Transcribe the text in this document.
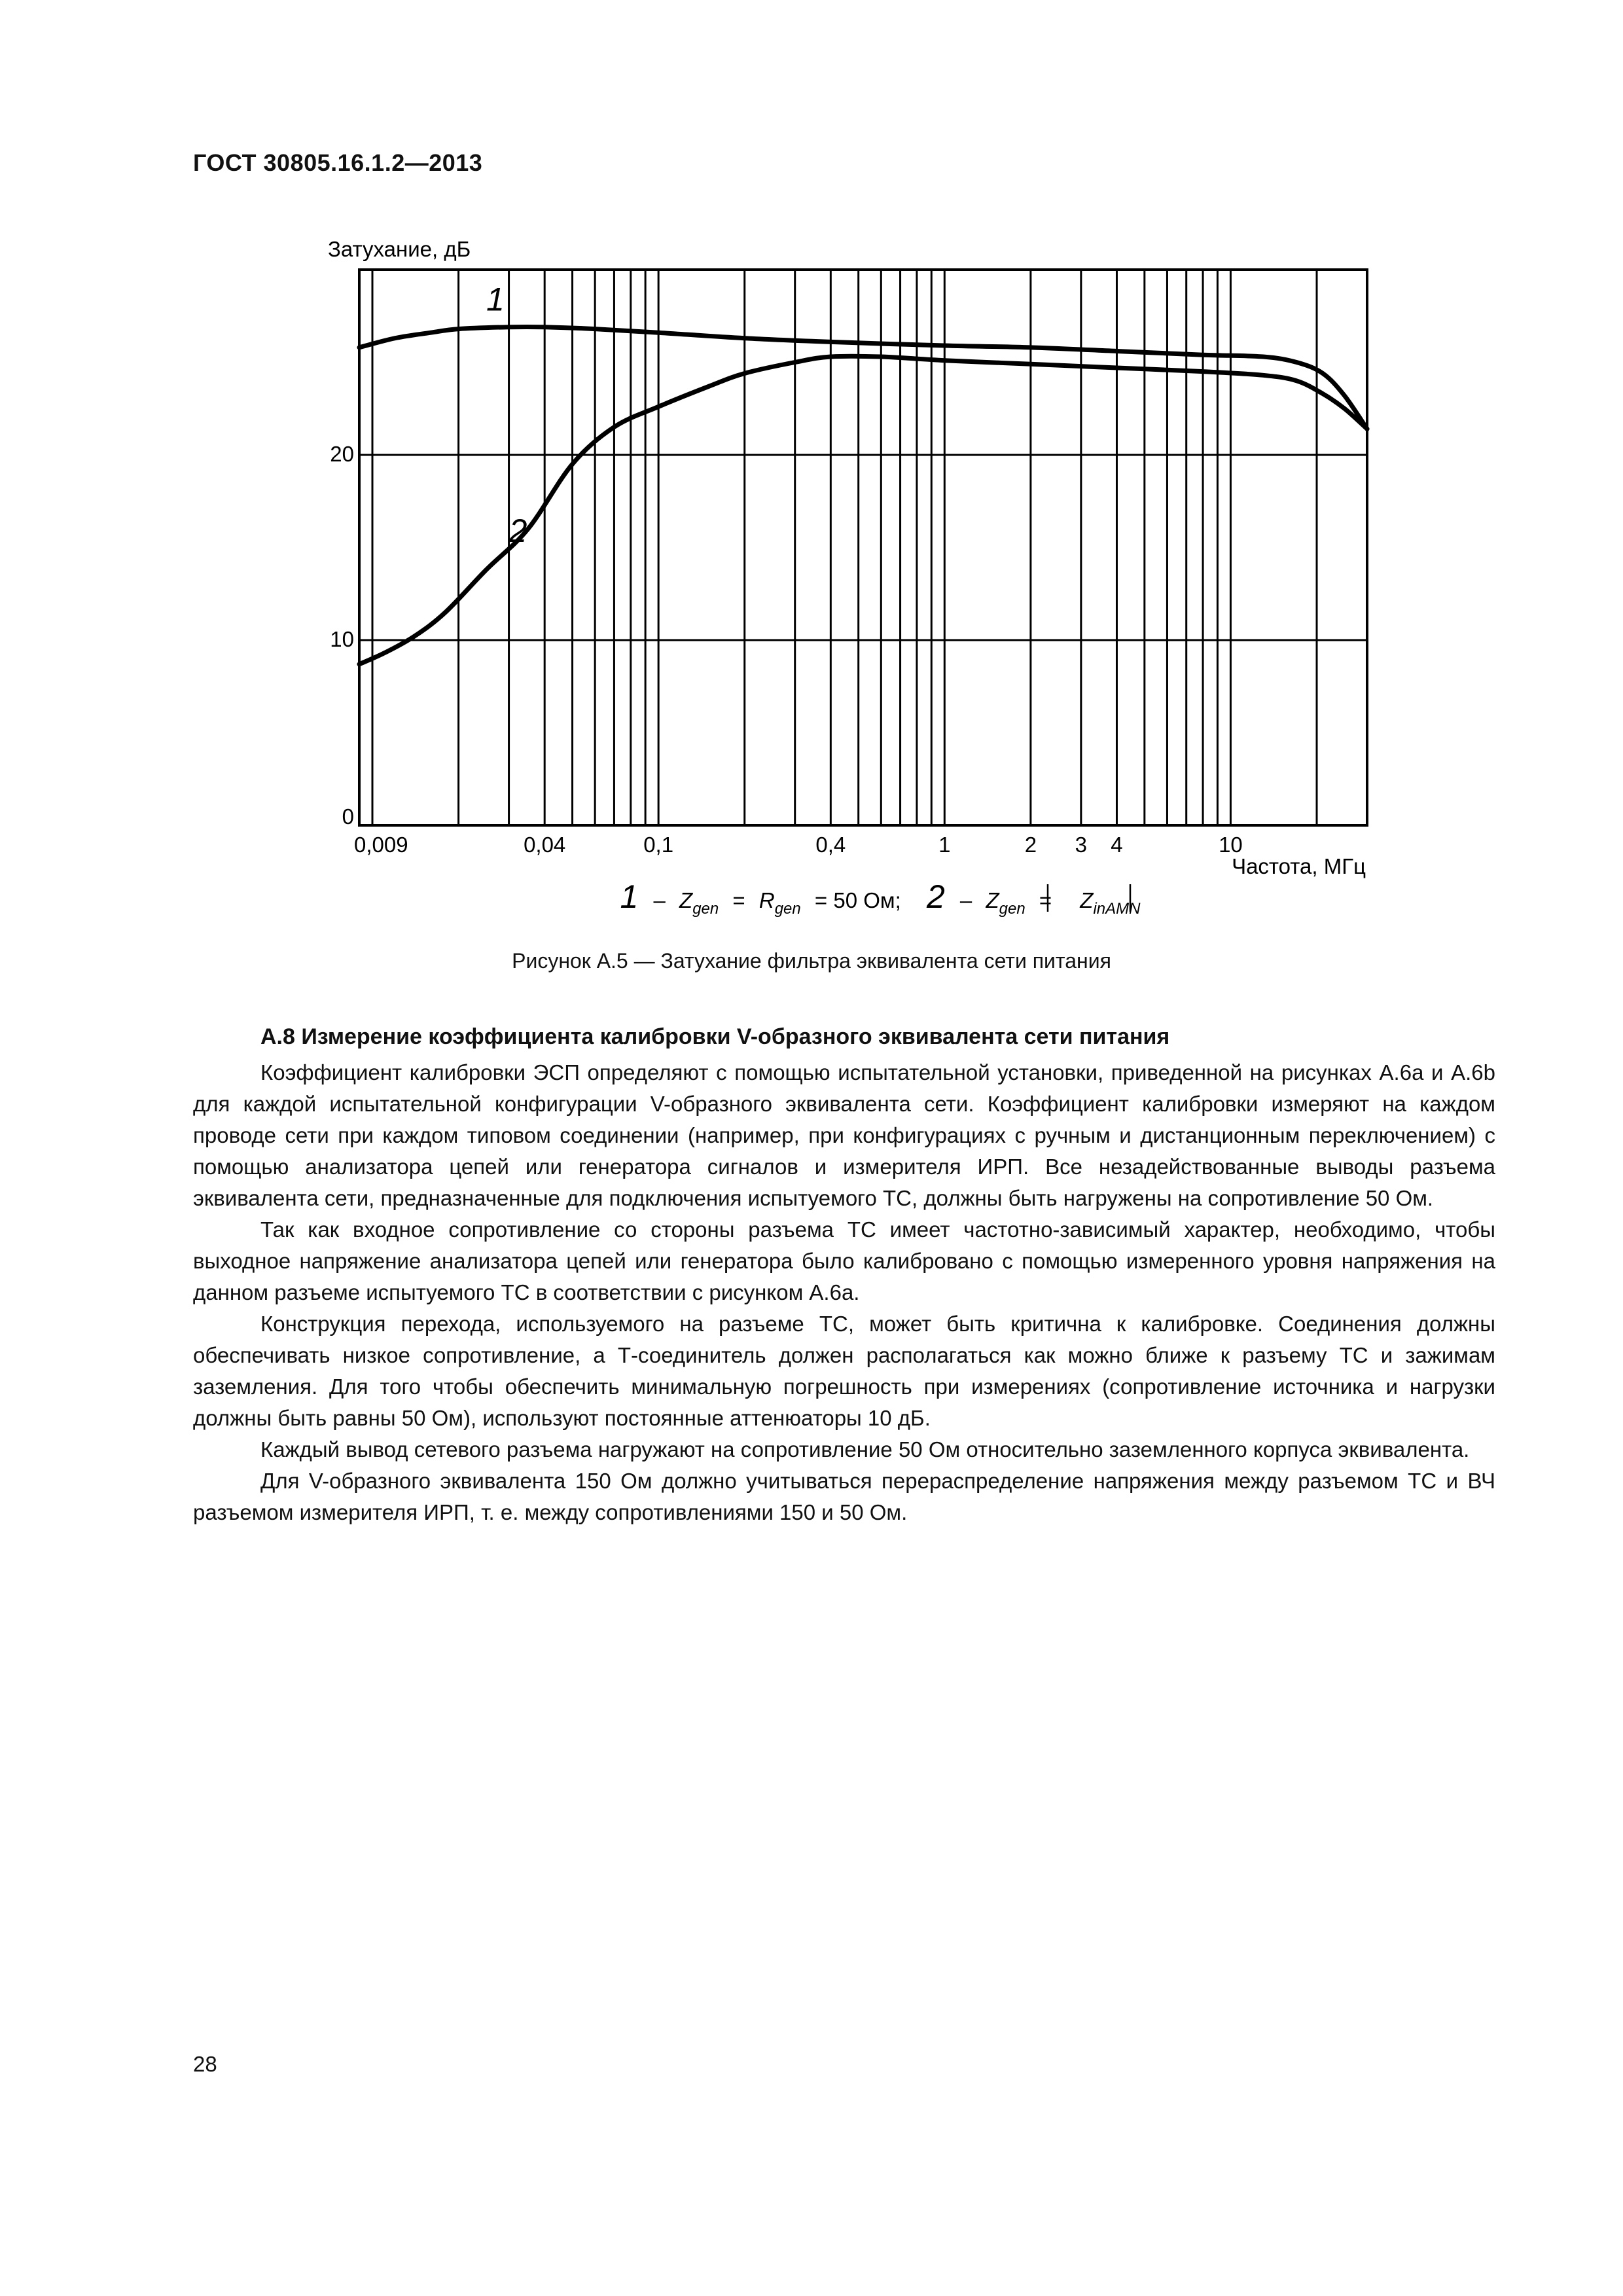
ГОСТ 30805.16.1.2—2013
0,009	0,04	0,1	0,4	1	2 3 4	10
0
10
20
Затухание, дБ
Частота, МГц
1
2
$1 - Z_{gen} = R_{gen} = 50$ Ом; $2 - Z_{gen} = Z_{inAMN}$
Рисунок А.5 — Затухание фильтра эквивалента сети питания
А.8 Измерение коэффициента калибровки V-образного эквивалента сети питания

Коэффициент калибровки ЭСП определяют с помощью испытательной установки, приведенной на рисунках А.6а и А.6b для каждой испытательной конфигурации V-образного эквивалента сети. Коэффициент калибровки измеряют на каждом проводе сети при каждом типовом соединении (например, при конфигурациях с ручным и дистанционным переключением) с помощью анализатора цепей или генератора сигналов и измерителя ИРП. Все незадействованные выводы разъема эквивалента сети, предназначенные для подключения испытуемого ТС, должны быть нагружены на сопротивление 50 Ом.

Так как входное сопротивление со стороны разъема ТС имеет частотно-зависимый характер, необходимо, чтобы выходное напряжение анализатора цепей или генератора было калибровано с помощью измеренного уровня напряжения на данном разъеме испытуемого ТС в соответствии с рисунком А.6а.

Конструкция перехода, используемого на разъеме ТС, может быть критична к калибровке. Соединения должны обеспечивать низкое сопротивление, а Т-соединитель должен располагаться как можно ближе к разъему ТС и зажимам заземления. Для того чтобы обеспечить минимальную погрешность при измерениях (сопротивление источника и нагрузки должны быть равны 50 Ом), используют постоянные аттенюаторы 10 дБ.

Каждый вывод сетевого разъема нагружают на сопротивление 50 Ом относительно заземленного корпуса эквивалента.

Для V-образного эквивалента 150 Ом должно учитываться перераспределение напряжения между разъемом ТС и ВЧ разъемом измерителя ИРП, т. е. между сопротивлениями 150 и 50 Ом.

28
